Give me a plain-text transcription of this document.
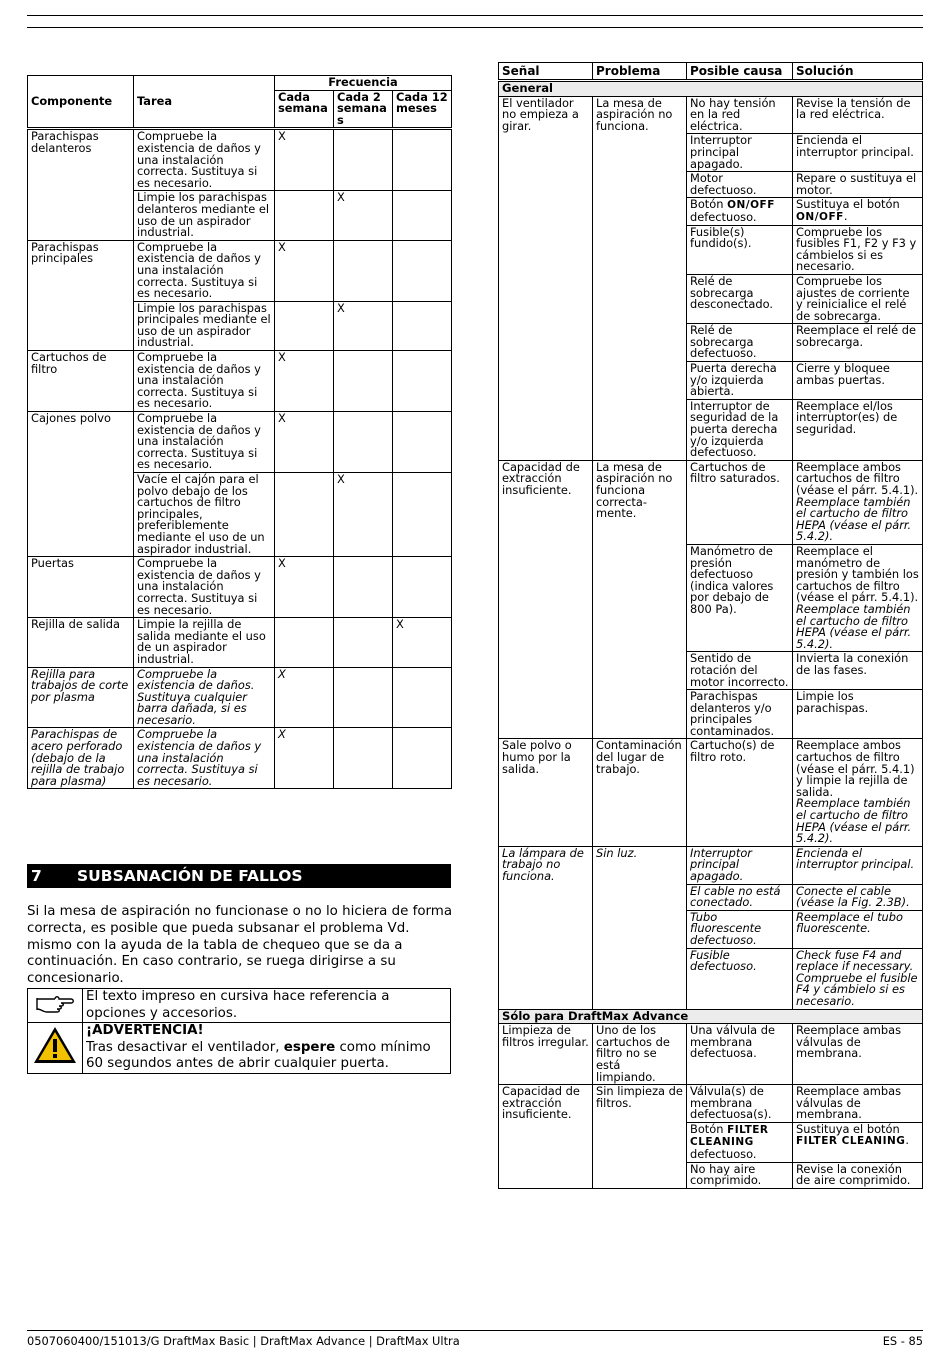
Componente	Tarea	Frecuencia		
		Cada semana	Cada 2 semanas	Cada 12 meses
Parachispas delanteros	Compruebe la existencia de daños y una instalación correcta. Sustituya si es necesario.	X		
	Limpie los parachispas delanteros mediante el uso de un aspirador industrial.		X	
Parachispas principales	Compruebe la existencia de daños y una instalación correcta. Sustituya si es necesario.	X		
	Limpie los parachispas principales mediante el uso de un aspirador industrial.		X	
Cartuchos de filtro	Compruebe la existencia de daños y una instalación correcta. Sustituya si es necesario.	X		
Cajones polvo	Compruebe la existencia de daños y una instalación correcta. Sustituya si es necesario.	X		
	Vacíe el cajón para el polvo debajo de los cartuchos de filtro principales, preferiblemente mediante el uso de un aspirador industrial.		X	
Puertas	Compruebe la existencia de daños y una instalación correcta. Sustituya si es necesario.	X		
Rejilla de salida	Limpie la rejilla de salida mediante el uso de un aspirador industrial.			X
Rejilla para trabajos de corte por plasma	Compruebe la existencia de daños. Sustituya cualquier barra dañada, si es necesario.	X		
Parachispas de acero perforado (debajo de la rejilla de trabajo para plasma)	Compruebe la existencia de daños y una instalación correcta. Sustituya si es necesario.	X		
7 SUBSANACIÓN DE FALLOS
Si la mesa de aspiración no funcionase o no lo hiciera de forma correcta, es posible que pueda subsanar el problema Vd. mismo con la ayuda de la tabla de chequeo que se da a continuación. En caso contrario, se ruega dirigirse a su concesionario.
	El texto impreso en cursiva hace referencia a opciones y accesorios.
	¡ADVERTENCIA!
Tras desactivar el ventilador, espere como mínimo 60 segundos antes de abrir cualquier puerta.
Señal	Problema	Posible causa	Solución
General			
El ventilador no empieza a girar.	La mesa de aspiración no funciona.	No hay tensión en la red eléctrica.	Revise la tensión de la red eléctrica.
		Interruptor principal apagado.	Encienda el interruptor principal.
		Motor defectuoso.	Repare o sustituya el motor.
		Botón ON/OFF defectuoso.	Sustituya el botón ON/OFF.
		Fusible(s) fundido(s).	Compruebe los fusibles F1, F2 y F3 y cámbielos si es necesario.
		Relé de sobrecarga desconectado.	Compruebe los ajustes de corriente y reinicialice el relé de sobrecarga.
		Relé de sobrecarga defectuoso.	Reemplace el relé de sobrecarga.
		Puerta derecha y/o izquierda abierta.	Cierre y bloquee ambas puertas.
		Interruptor de seguridad de la puerta derecha y/o izquierda defectuoso.	Reemplace el/los interruptor(es) de seguridad.
Capacidad de extracción insuficiente.	La mesa de aspiración no funciona correcta-mente.	Cartuchos de filtro saturados.	Reemplace ambos cartuchos de filtro (véase el párr. 5.4.1).
Reemplace también el cartucho de filtro HEPA (véase el párr. 5.4.2).

		Manómetro de presión defectuoso (indica valores por debajo de 800 Pa).	Reemplace el manómetro de presión y también los cartuchos de filtro (véase el párr. 5.4.1).
Reemplace también el cartucho de filtro HEPA (véase el párr. 5.4.2).

		Sentido de rotación del motor incorrecto.	Invierta la conexión de las fases.
		Parachispas delanteros y/o principales contaminados.	Limpie los parachispas.
Sale polvo o humo por la salida.	Contaminación del lugar de trabajo.	Cartucho(s) de filtro roto.	Reemplace ambos cartuchos de filtro (véase el párr. 5.4.1) y limpie la rejilla de salida.
Reemplace también el cartucho de filtro HEPA (véase el párr. 5.4.2).

La lámpara de trabajo no funciona.	Sin luz.	Interruptor principal apagado.	Encienda el interruptor principal.
		El cable no está conectado.	Conecte el cable (véase la Fig. 2.3B).
		Tubo fluorescente defectuoso.	Reemplace el tubo fluorescente.
		Fusible defectuoso.	Check fuse F4 and replace if necessary. Compruebe el fusible F4 y cámbielo si es necesario.
Sólo para DraftMax Advance			
Limpieza de filtros irregular.	Uno de los cartuchos de filtro no se está limpiando.	Una válvula de membrana defectuosa.	Reemplace ambas válvulas de membrana.
Capacidad de extracción insuficiente.	Sin limpieza de filtros.	Válvula(s) de membrana defectuosa(s).	Reemplace ambas válvulas de membrana.
		Botón FILTER CLEANING defectuoso.	Sustituya el botón FILTER CLEANING.
		No hay aire comprimido.	Revise la conexión de aire comprimido.
0507060400/151013/G DraftMax Basic | DraftMax Advance | DraftMax Ultra	ES - 85
